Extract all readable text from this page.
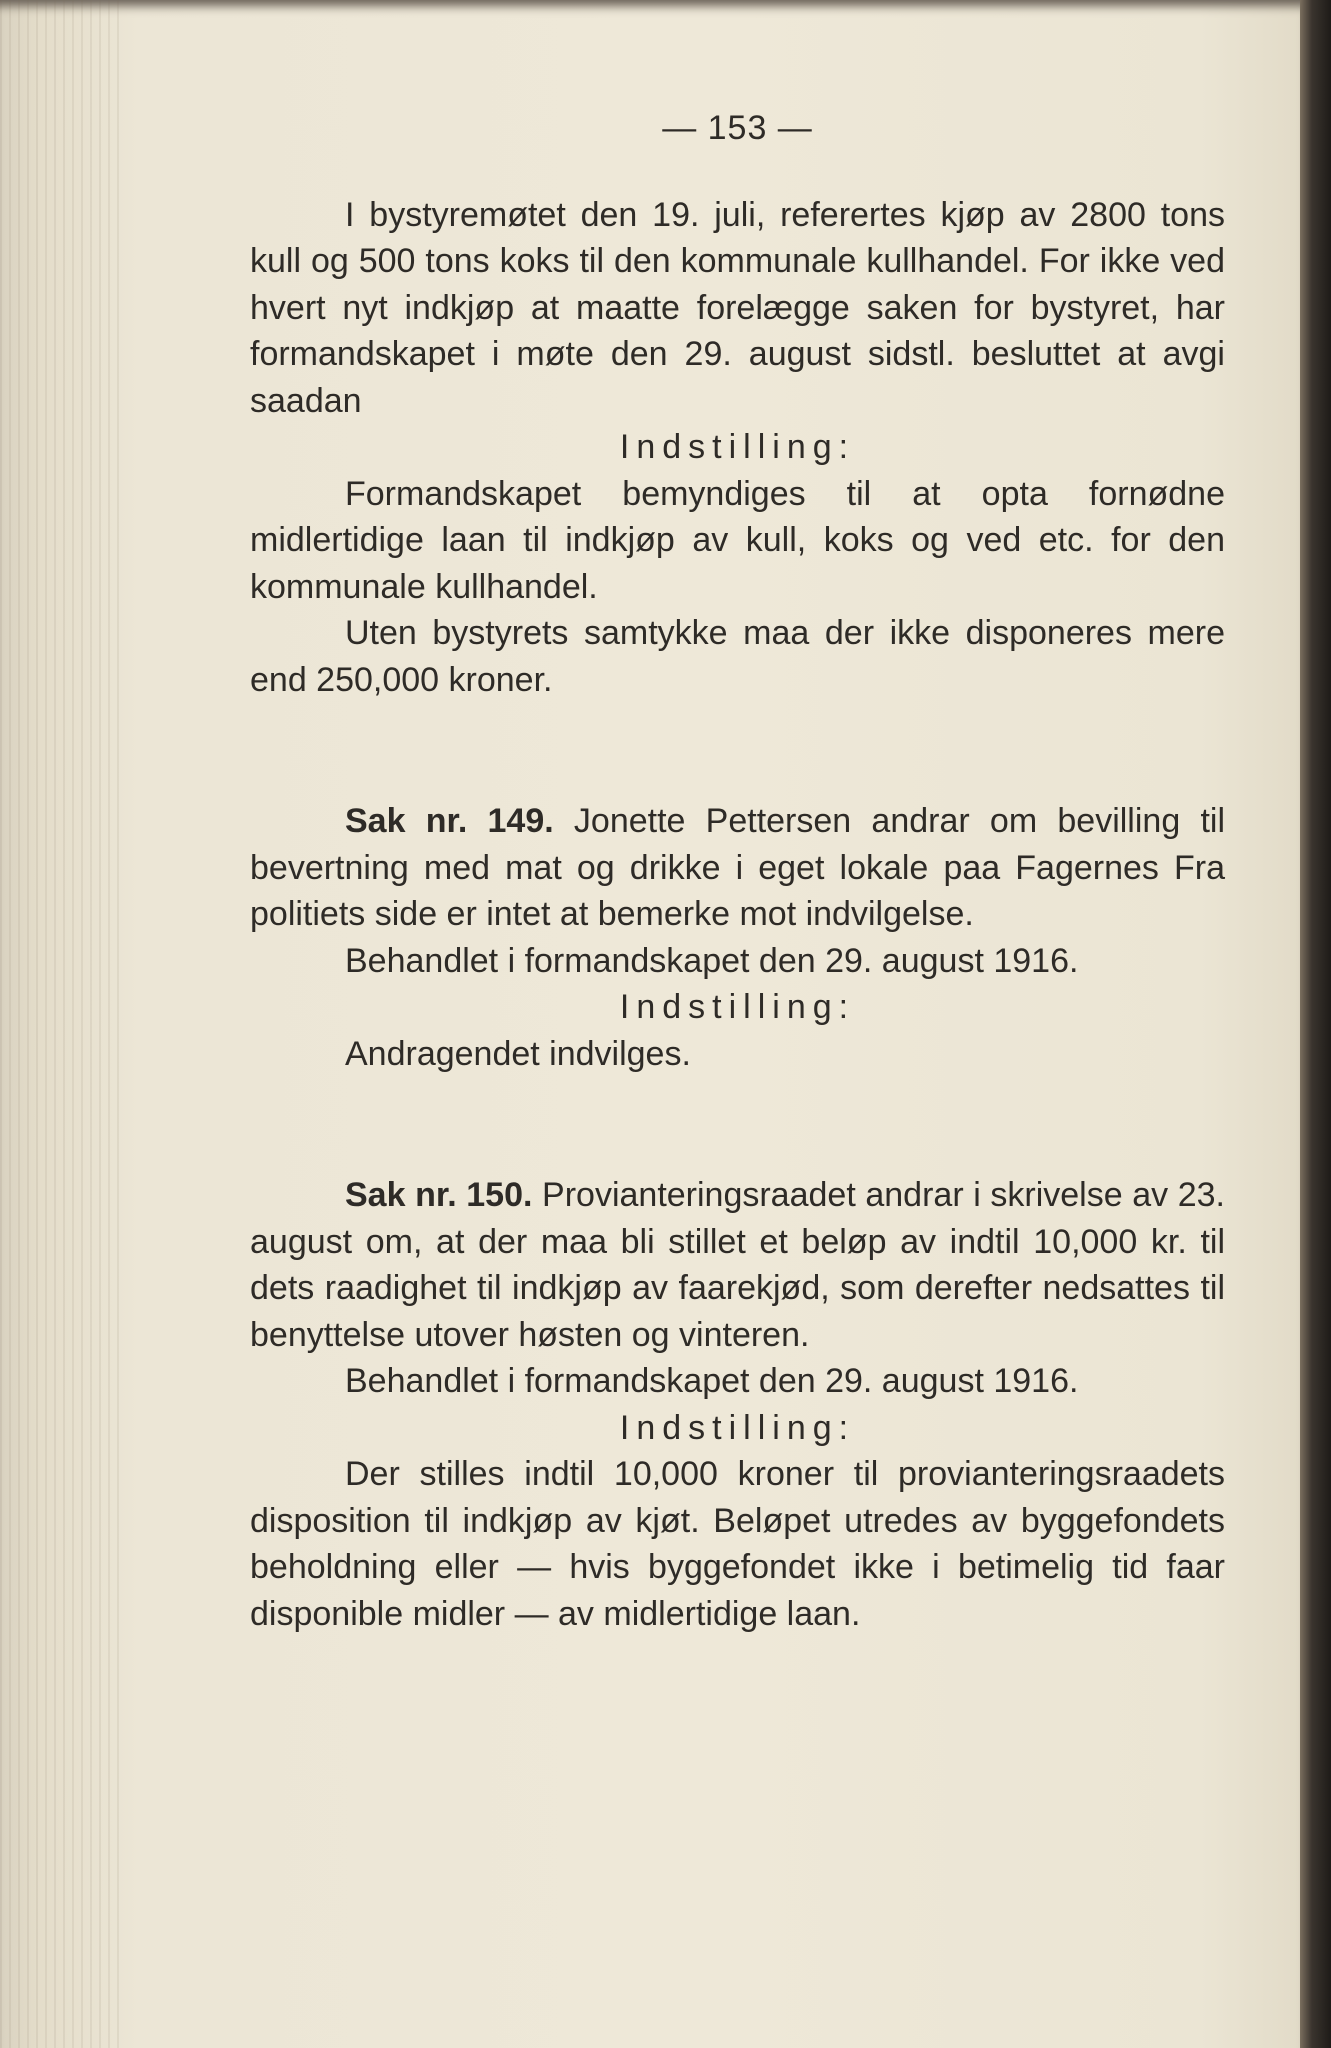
— 153 —

I bystyremøtet den 19. juli, referertes kjøp av 2800 tons kull og 500 tons koks til den kommunale kullhandel. For ikke ved hvert nyt indkjøp at maatte forelægge saken for bystyret, har formandskapet i møte den 29. august sidstl. besluttet at avgi saadan

Indstilling:

Formandskapet bemyndiges til at opta fornødne midlertidige laan til indkjøp av kull, koks og ved etc. for den kommunale kullhandel.

Uten bystyrets samtykke maa der ikke disponeres mere end 250,000 kroner.

Sak nr. 149. Jonette Pettersen andrar om bevilling til bevertning med mat og drikke i eget lokale paa Fagernes Fra politiets side er intet at bemerke mot indvilgelse.

Behandlet i formandskapet den 29. august 1916.

Indstilling:

Andragendet indvilges.

Sak nr. 150. Provianteringsraadet andrar i skrivelse av 23. august om, at der maa bli stillet et beløp av indtil 10,000 kr. til dets raadighet til indkjøp av faarekjød, som derefter nedsattes til benyttelse utover høsten og vinteren.

Behandlet i formandskapet den 29. august 1916.

Indstilling:

Der stilles indtil 10,000 kroner til provianteringsraadets disposition til indkjøp av kjøt. Beløpet utredes av byggefondets beholdning eller — hvis byggefondet ikke i betimelig tid faar disponible midler — av midlertidige laan.
